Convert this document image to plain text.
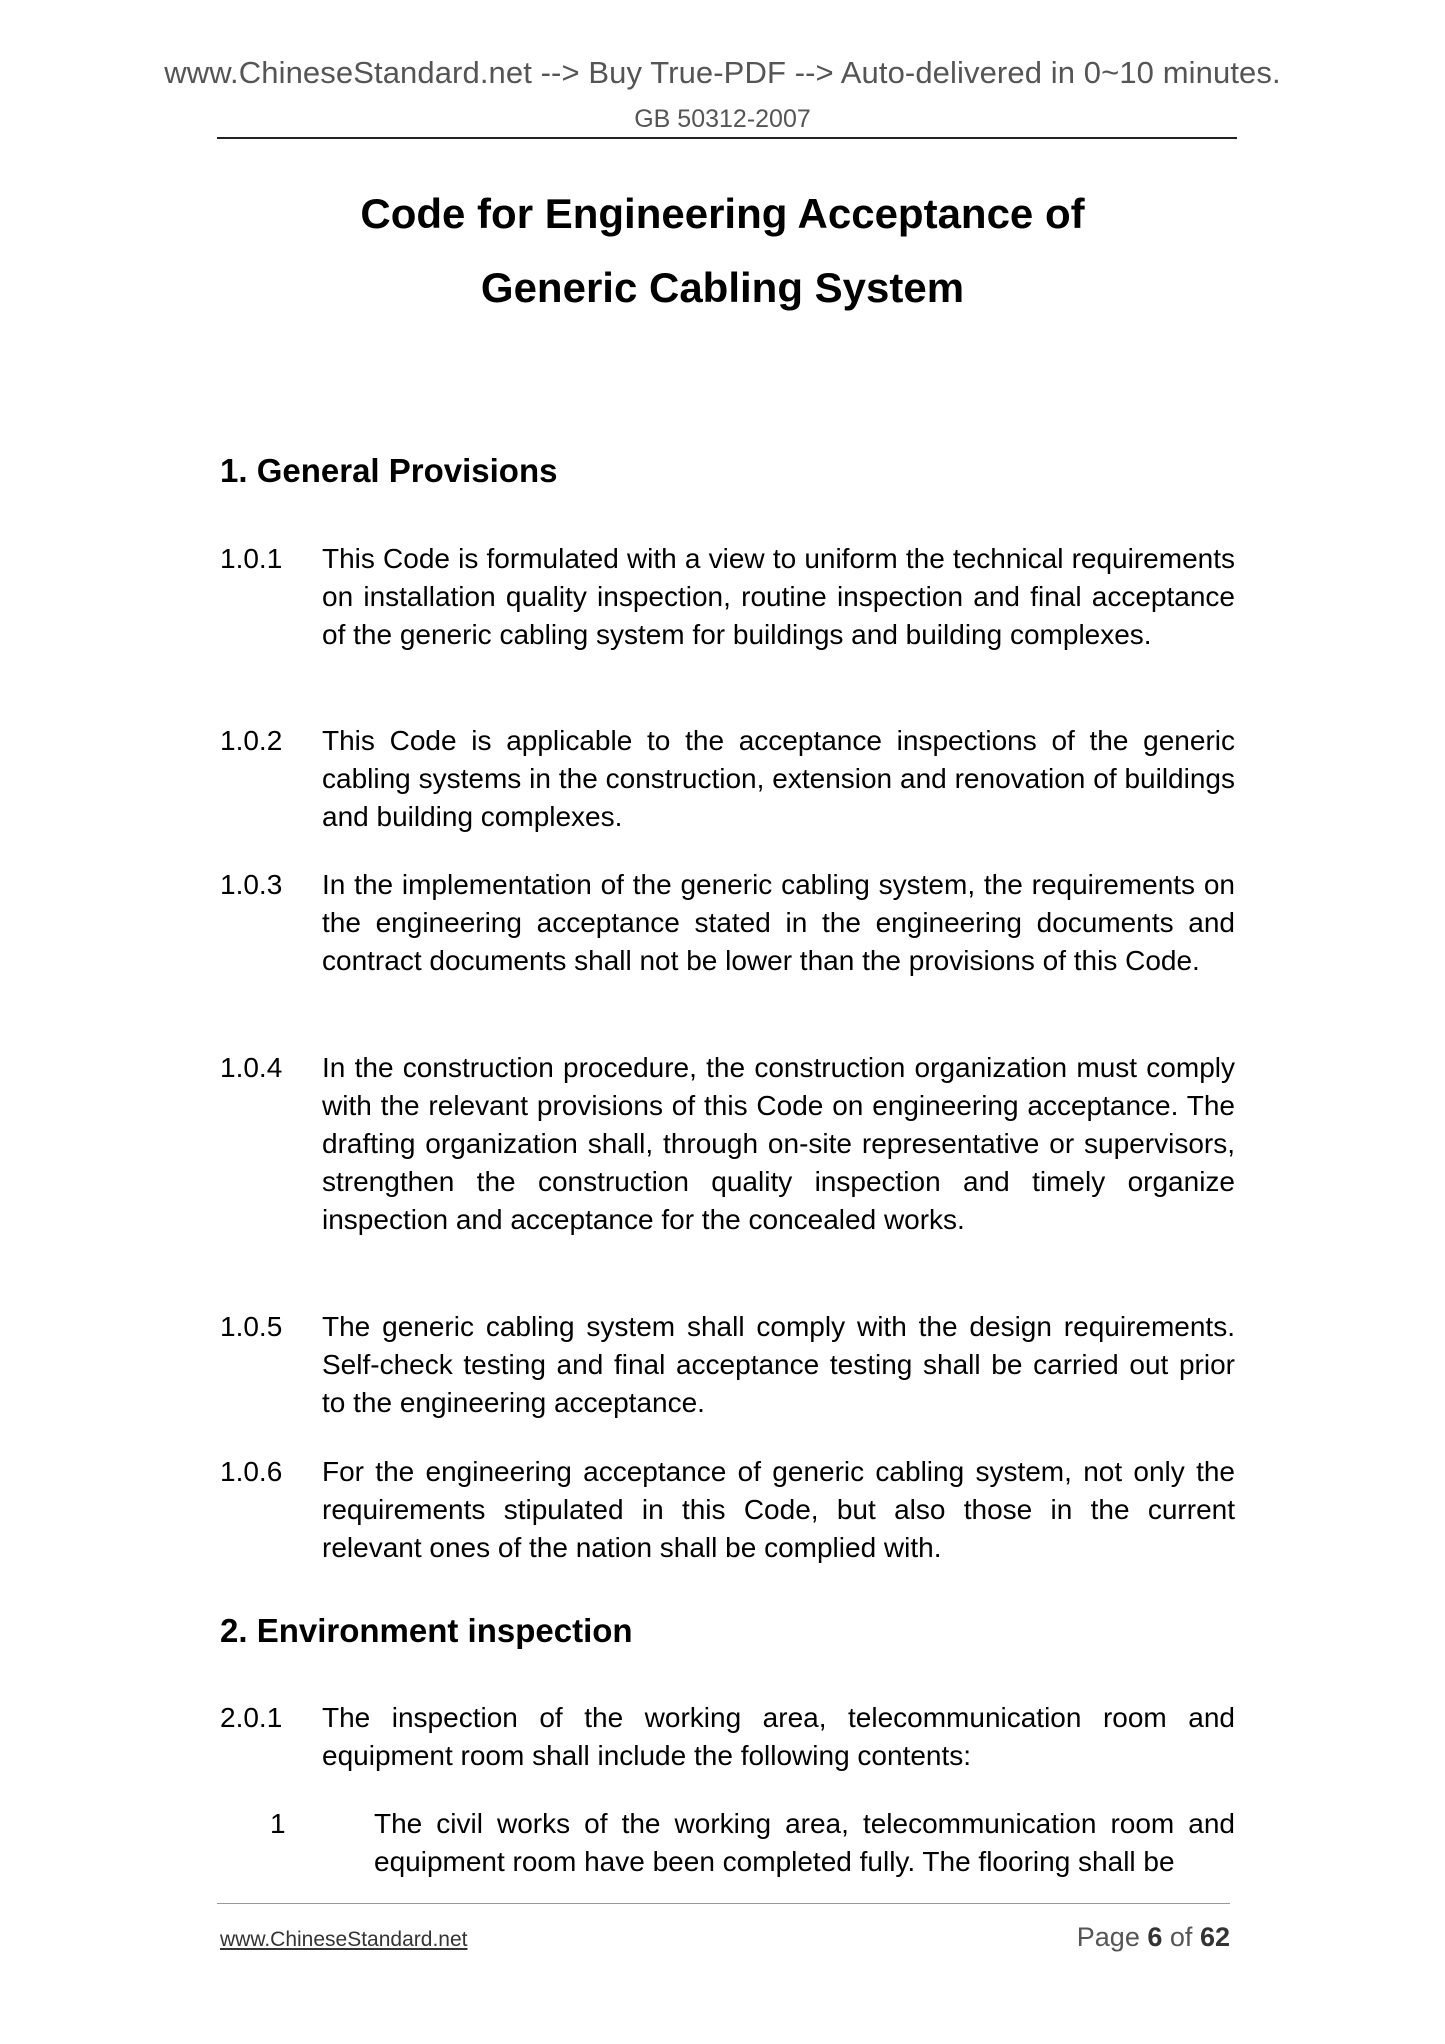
www.ChineseStandard.net --> Buy True-PDF --> Auto-delivered in 0~10 minutes.
GB 50312-2007
Code for Engineering Acceptance of
Generic Cabling System
1. General Provisions
1.0.1 This Code is formulated with a view to uniform the technical requirements on installation quality inspection, routine inspection and final acceptance of the generic cabling system for buildings and building complexes.
1.0.2 This Code is applicable to the acceptance inspections of the generic cabling systems in the construction, extension and renovation of buildings and building complexes.
1.0.3 In the implementation of the generic cabling system, the requirements on the engineering acceptance stated in the engineering documents and contract documents shall not be lower than the provisions of this Code.
1.0.4 In the construction procedure, the construction organization must comply with the relevant provisions of this Code on engineering acceptance. The drafting organization shall, through on-site representative or supervisors, strengthen the construction quality inspection and timely organize inspection and acceptance for the concealed works.
1.0.5 The generic cabling system shall comply with the design requirements. Self-check testing and final acceptance testing shall be carried out prior to the engineering acceptance.
1.0.6 For the engineering acceptance of generic cabling system, not only the requirements stipulated in this Code, but also those in the current relevant ones of the nation shall be complied with.
2. Environment inspection
2.0.1 The inspection of the working area, telecommunication room and equipment room shall include the following contents:
1	The civil works of the working area, telecommunication room and equipment room have been completed fully. The flooring shall be
www.ChineseStandard.net	Page 6 of 62
